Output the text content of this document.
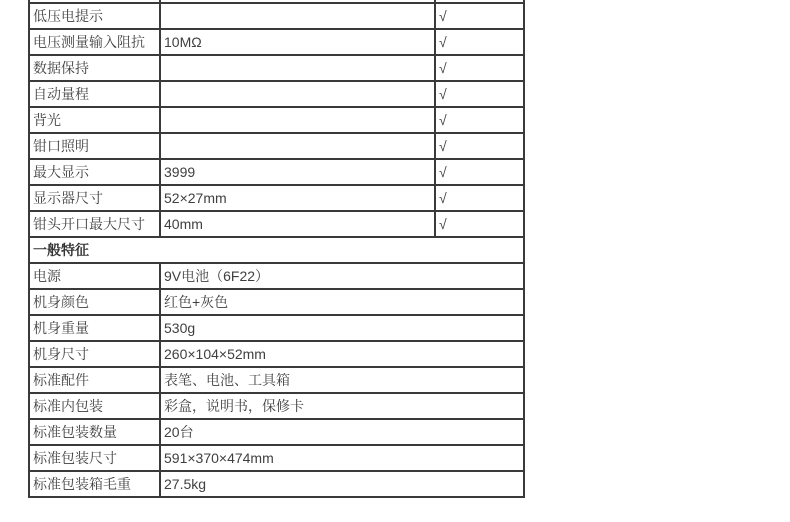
低压电提示		√
电压测量输入阻抗	10MΩ	√
数据保持		√
自动量程		√
背光		√
钳口照明		√
最大显示	3999	√
显示器尺寸	52×27mm	√
钳头开口最大尺寸	40mm	√
一般特征		
电源	9V电池（6F22）	
机身颜色	红色+灰色	
机身重量	530g	
机身尺寸	260×104×52mm	
标准配件	表笔、电池、工具箱	
标准内包装	彩盒，说明书，保修卡	
标准包装数量	20台	
标准包装尺寸	591×370×474mm	
标准包装箱毛重	27.5kg	
